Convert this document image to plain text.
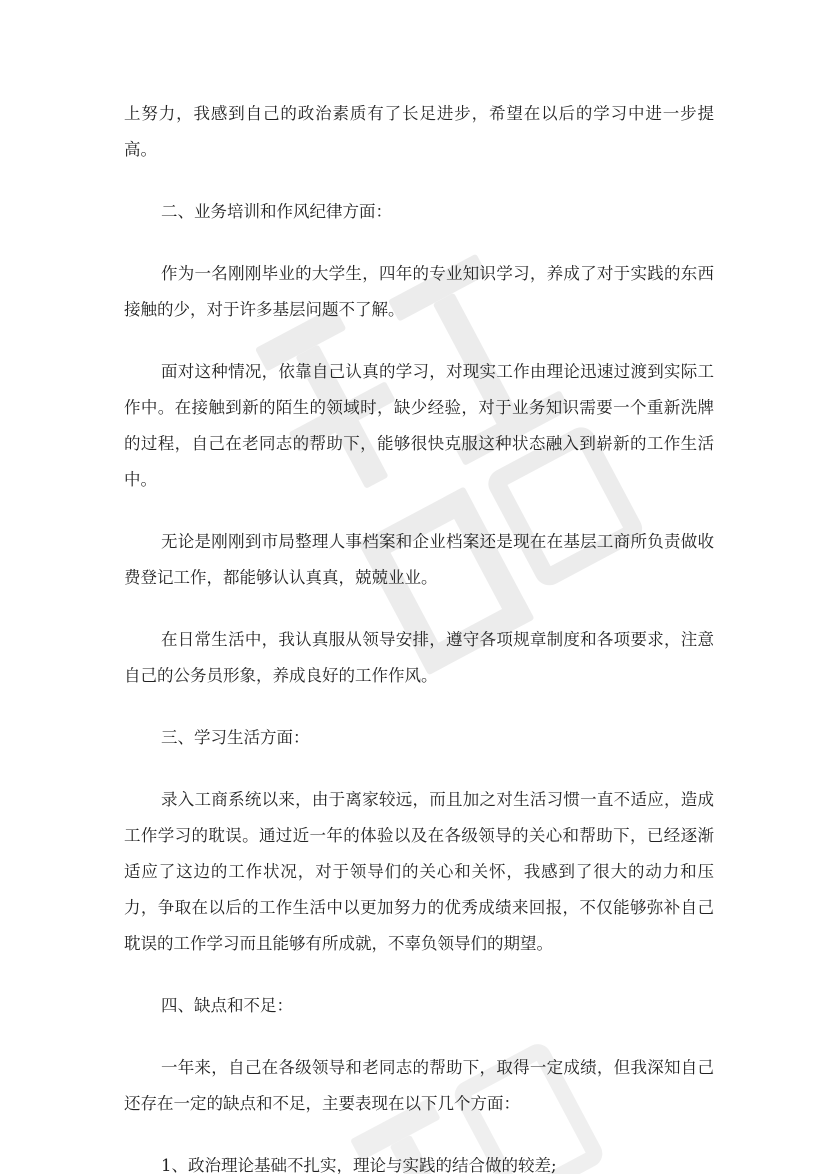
上努力，我感到自己的政治素质有了长足进步，希望在以后的学习中进一步提高。

二、业务培训和作风纪律方面：

作为一名刚刚毕业的大学生，四年的专业知识学习，养成了对于实践的东西接触的少，对于许多基层问题不了解。

面对这种情况，依靠自己认真的学习，对现实工作由理论迅速过渡到实际工作中。在接触到新的陌生的领域时，缺少经验，对于业务知识需要一个重新洗牌的过程，自己在老同志的帮助下，能够很快克服这种状态融入到崭新的工作生活中。

无论是刚刚到市局整理人事档案和企业档案还是现在在基层工商所负责做收费登记工作，都能够认认真真，兢兢业业。

在日常生活中，我认真服从领导安排，遵守各项规章制度和各项要求，注意自己的公务员形象，养成良好的工作作风。

三、学习生活方面：

录入工商系统以来，由于离家较远，而且加之对生活习惯一直不适应，造成工作学习的耽误。通过近一年的体验以及在各级领导的关心和帮助下，已经逐渐适应了这边的工作状况，对于领导们的关心和关怀，我感到了很大的动力和压力，争取在以后的工作生活中以更加努力的优秀成绩来回报，不仅能够弥补自己耽误的工作学习而且能够有所成就，不辜负领导们的期望。

四、缺点和不足：

一年来，自己在各级领导和老同志的帮助下，取得一定成绩，但我深知自己还存在一定的缺点和不足，主要表现在以下几个方面：

1、政治理论基础不扎实，理论与实践的结合做的较差;
